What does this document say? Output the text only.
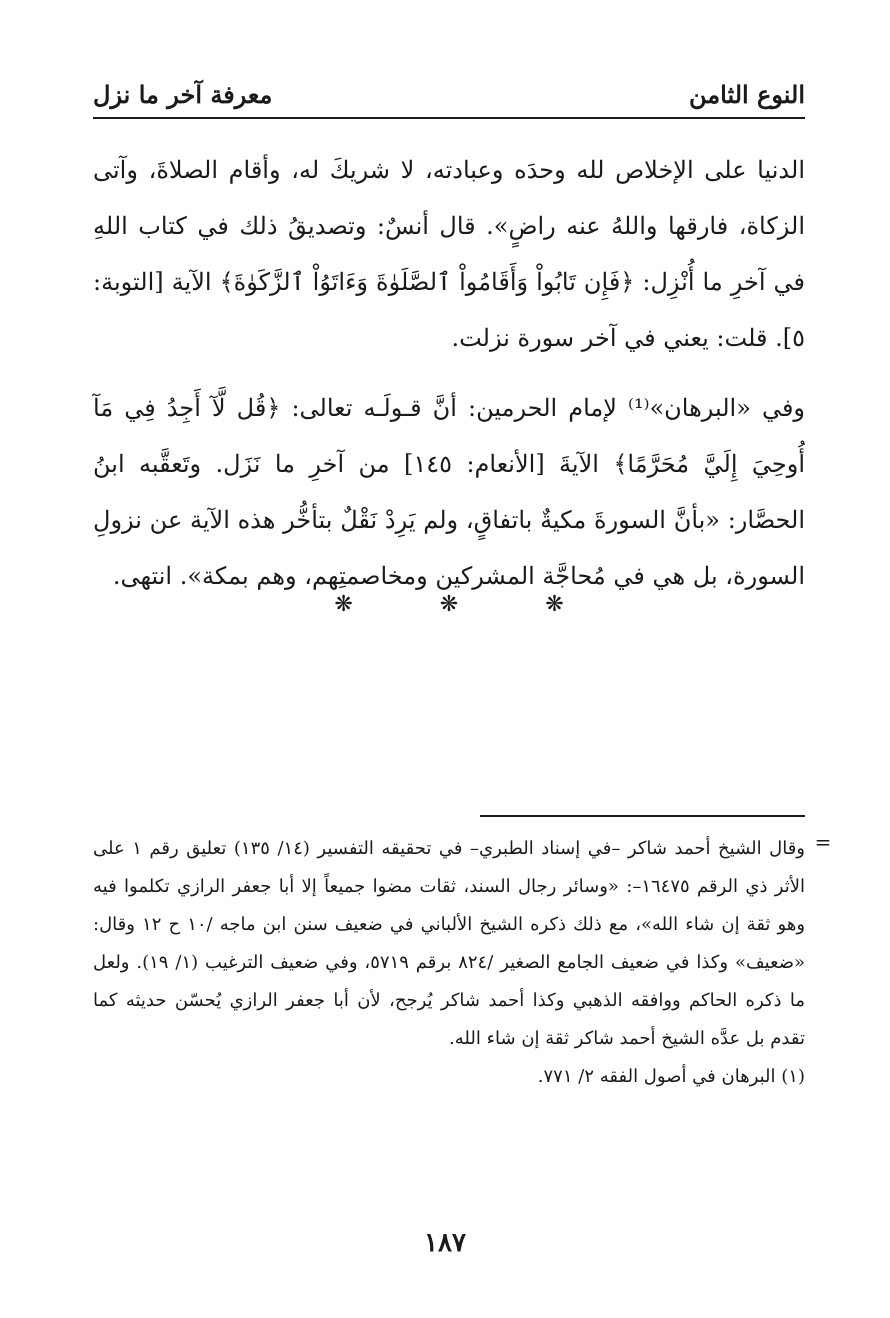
النوع الثامن
معرفة آخر ما نزل

الدنيا على الإخلاص لله وحدَه وعبادته، لا شريكَ له، وأقام الصلاةَ، وآتى الزكاة، فارقها واللهُ عنه راضٍ». قال أنسٌ: وتصديقُ ذلك في كتاب اللهِ في آخرِ ما أُنْزِل: ﴿فَإِن تَابُواْ وَأَقَامُواْ ٱلصَّلَوٰةَ وَءَاتَوُاْ ٱلزَّكَوٰةَ﴾ الآية [التوبة: ٥]. قلت: يعني في آخر سورة نزلت.

وفي «البرهان»⁽¹⁾ لإمام الحرمين: أنَّ قـولَـه تعالى: ﴿قُل لَّآ أَجِدُ فِي مَآ أُوحِيَ إِلَيَّ مُحَرَّمًا﴾ الآيةَ [الأنعام: ١٤٥] من آخرِ ما نَزَل. وتَعقَّبه ابنُ الحصَّار: «بأنَّ السورةَ مكيةٌ باتفاقٍ، ولم يَرِدْ نَقْلٌ بتأخُّر هذه الآية عن نزولِ السورة، بل هي في مُحاجَّة المشركين ومخاصمتِهم، وهم بمكة». انتهى.

❋ ❋ ❋
=

وقال الشيخ أحمد شاكر –في إسناد الطبري– في تحقيقه التفسير (١٤/ ١٣٥) تعليق رقم ١ على الأثر ذي الرقم ١٦٤٧٥–: «وسائر رجال السند، ثقات مضوا جميعاً إلا أبا جعفر الرازي تكلموا فيه وهو ثقة إن شاء الله»، مع ذلك ذكره الشيخ الألباني في ضعيف سنن ابن ماجه /١٠ ح ١٢ وقال: «ضعيف» وكذا في ضعيف الجامع الصغير /٨٢٤ برقم ٥٧١٩، وفي ضعيف الترغيب (١/ ١٩). ولعل ما ذكره الحاكم ووافقه الذهبي وكذا أحمد شاكر يُرجح، لأن أبا جعفر الرازي يُحسّن حديثه كما تقدم بل عدَّه الشيخ أحمد شاكر ثقة إن شاء الله.

(١) البرهان في أصول الفقه ٢/ ٧٧١.

١٨٧
